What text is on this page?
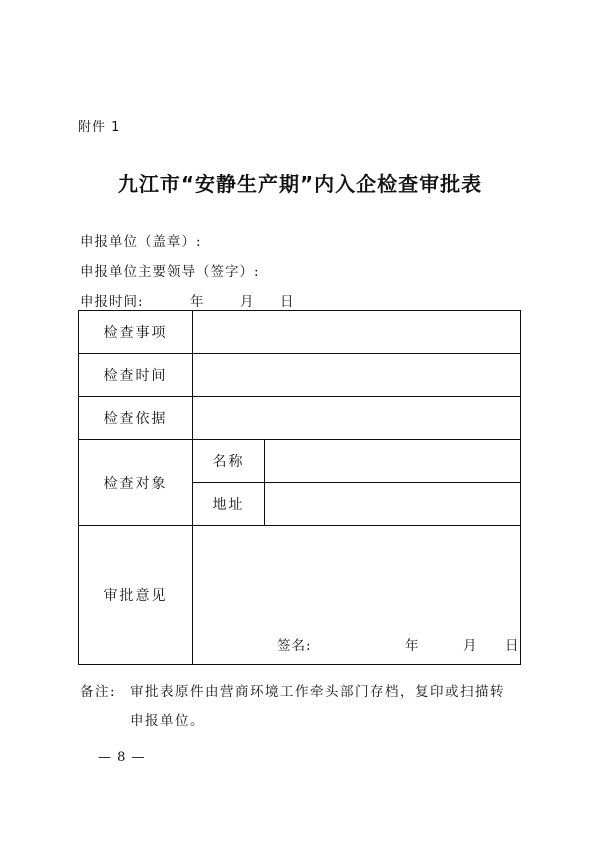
附件 1
九江市“安静生产期”内入企检查审批表
申报单位（盖章）:
申报单位主要领导（签字）:
申报时间:	年	月 日
检查事项		
检查时间		
检查依据		
检查对象	名称	
	地址	
审批意见	签名: 年 月 日	
备注: 审批表原件由营商环境工作牵头部门存档，复印或扫描转
申报单位。
— 8 —
